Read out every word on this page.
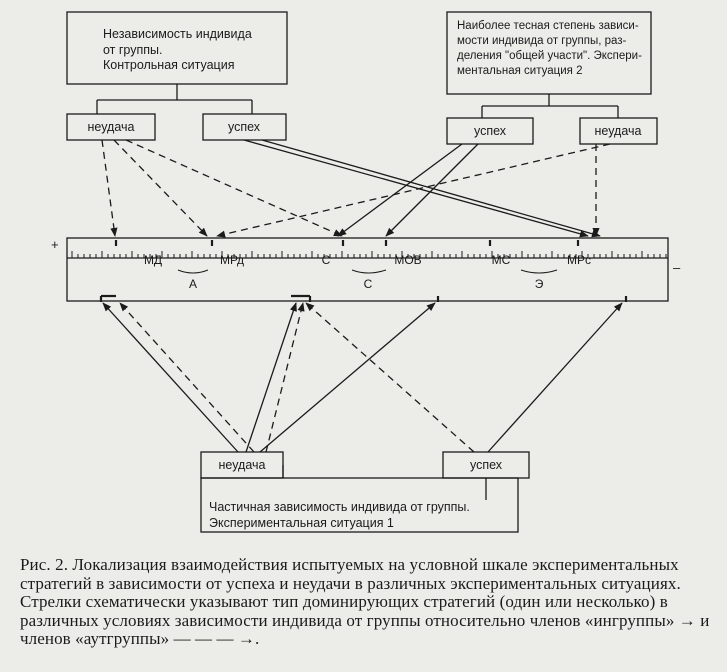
Независимость индивида
от группы.
Контрольная ситуация
Наиболее тесная степень зависи-
мости индивида от группы, раз-
деления "общей участи". Экспери-
ментальная ситуация 2
неудача	успех	успех	неудача
неудача	успех
Частичная зависимость индивида от группы.
Экспериментальная ситуация 1
+
–
МД	МРд	С	МОВ	МС	МРс
А	С	Э
Рис. 2. Локализация взаимодействия испытуемых на условной шкале экспериментальных стратегий в зависимости от успеха и неудачи в различных экспериментальных ситуациях. Стрелки схематически указывают тип доминирующих стратегий (один или несколько) в различных условиях зависимости индивида от группы относительно членов «ингруппы» → и членов «аутгруппы» — — — →.
